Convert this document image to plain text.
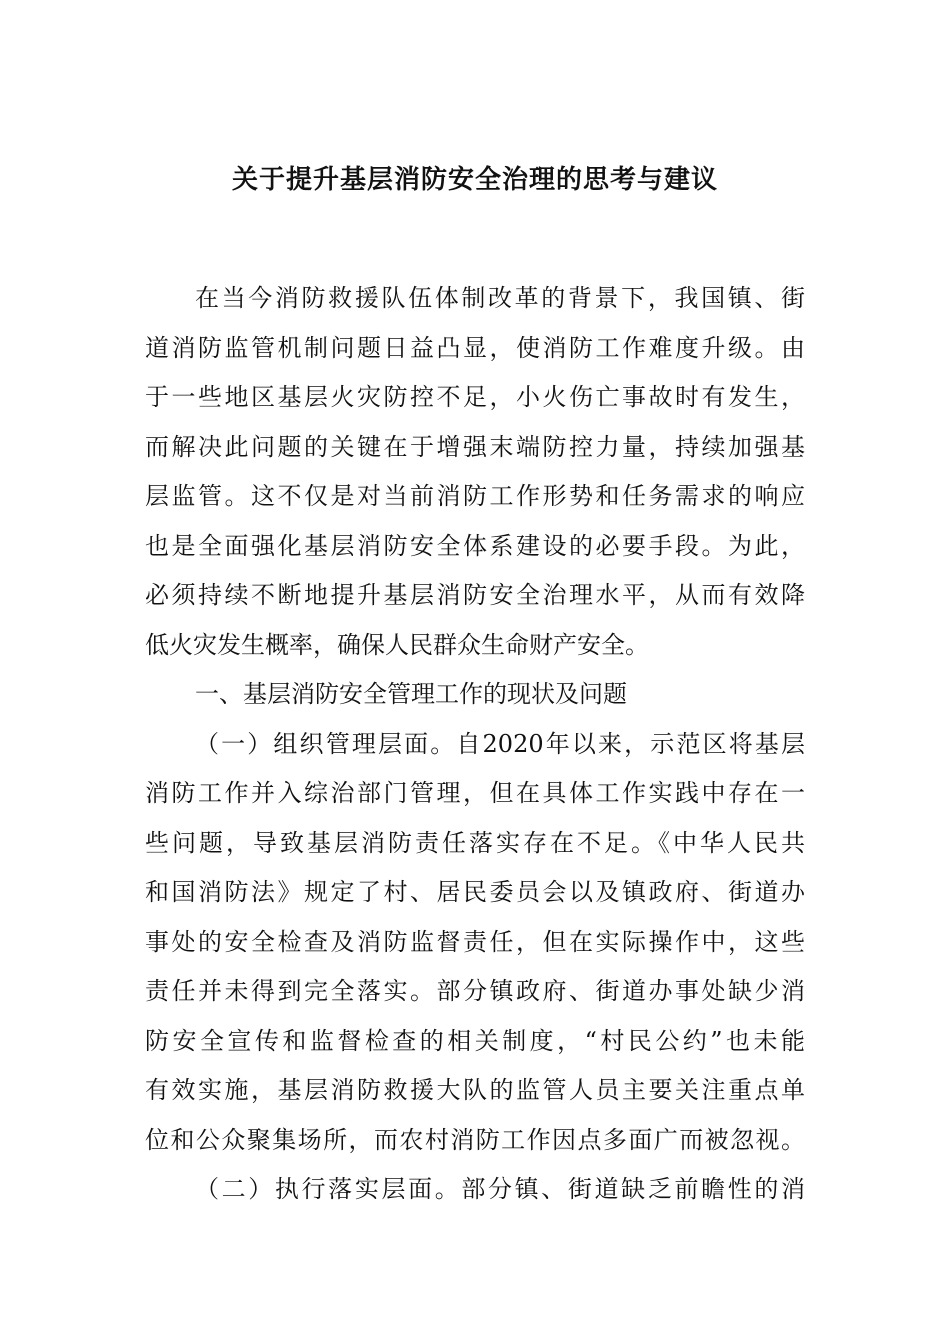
关于提升基层消防安全治理的思考与建议
在当今消防救援队伍体制改革的背景下，我国镇、街
道消防监管机制问题日益凸显，使消防工作难度升级。由
于一些地区基层火灾防控不足，小火伤亡事故时有发生，
而解决此问题的关键在于增强末端防控力量，持续加强基
层监管。这不仅是对当前消防工作形势和任务需求的响应
也是全面强化基层消防安全体系建设的必要手段。为此，
必须持续不断地提升基层消防安全治理水平，从而有效降
低火灾发生概率，确保人民群众生命财产安全。
一、基层消防安全管理工作的现状及问题
（一）组织管理层面。自2020年以来，示范区将基层
消防工作并入综治部门管理，但在具体工作实践中存在一
些问题，导致基层消防责任落实存在不足。《中华人民共
和国消防法》规定了村、居民委员会以及镇政府、街道办
事处的安全检查及消防监督责任，但在实际操作中，这些
责任并未得到完全落实。部分镇政府、街道办事处缺少消
防安全宣传和监督检查的相关制度，“村民公约”也未能
有效实施，基层消防救援大队的监管人员主要关注重点单
位和公众聚集场所，而农村消防工作因点多面广而被忽视。
（二）执行落实层面。部分镇、街道缺乏前瞻性的消
